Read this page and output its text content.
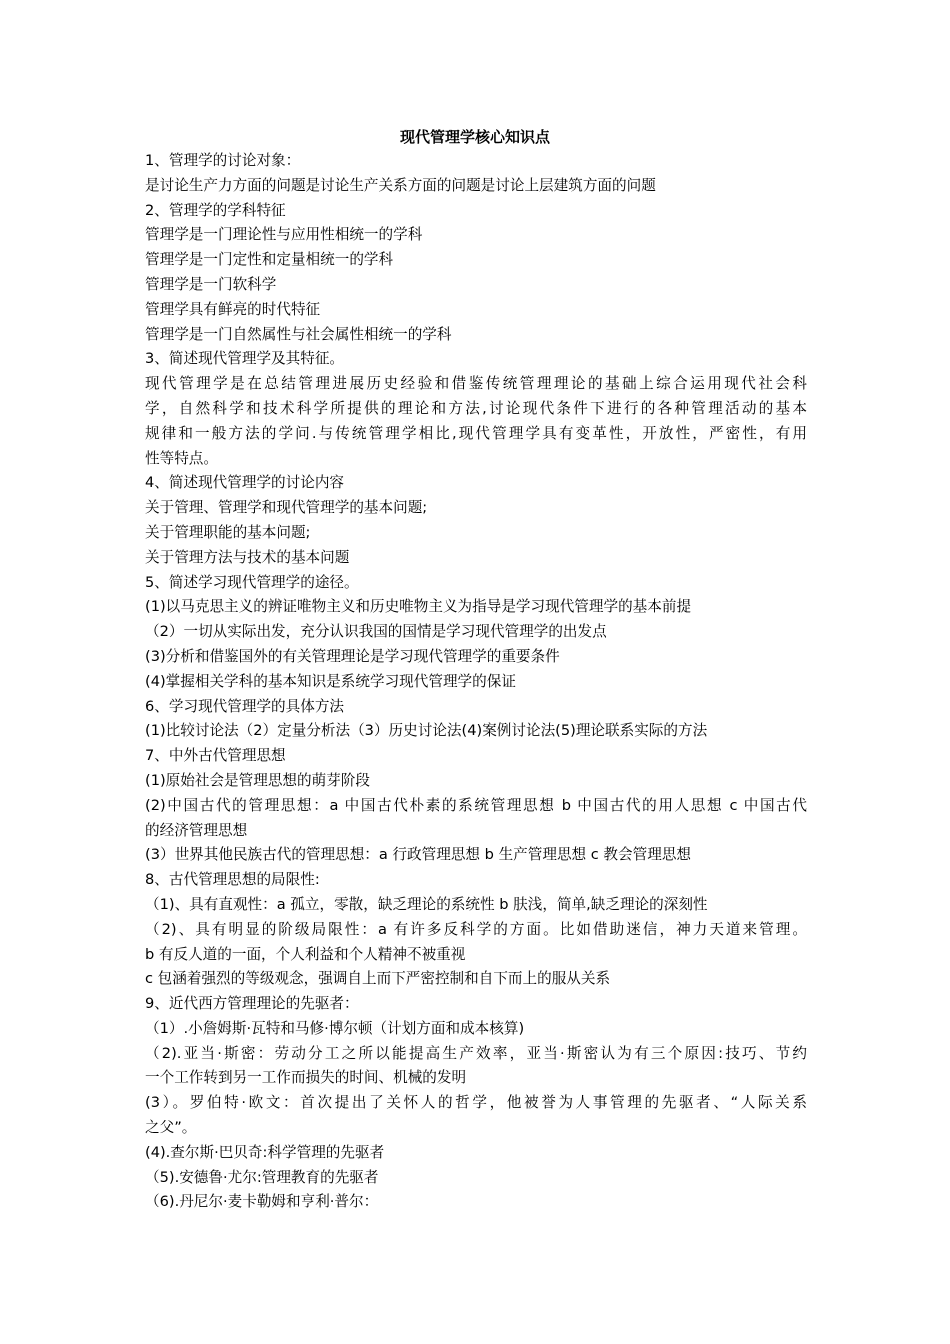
现代管理学核心知识点

1、管理学的讨论对象：

是讨论生产力方面的问题是讨论生产关系方面的问题是讨论上层建筑方面的问题

2、管理学的学科特征

管理学是一门理论性与应用性相统一的学科

管理学是一门定性和定量相统一的学科

管理学是一门软科学

管理学具有鲜亮的时代特征

管理学是一门自然属性与社会属性相统一的学科

3、简述现代管理学及其特征。

现代管理学是在总结管理进展历史经验和借鉴传统管理理论的基础上综合运用现代社会科

学，自然科学和技术科学所提供的理论和方法,讨论现代条件下进行的各种管理活动的基本

规律和一般方法的学问.与传统管理学相比,现代管理学具有变革性，开放性，严密性，有用

性等特点。

4、简述现代管理学的讨论内容

关于管理、管理学和现代管理学的基本问题;

关于管理职能的基本问题;

关于管理方法与技术的基本问题

5、简述学习现代管理学的途径。

(1)以马克思主义的辨证唯物主义和历史唯物主义为指导是学习现代管理学的基本前提

（2）一切从实际出发，充分认识我国的国情是学习现代管理学的出发点

(3)分析和借鉴国外的有关管理理论是学习现代管理学的重要条件

(4)掌握相关学科的基本知识是系统学习现代管理学的保证

6、学习现代管理学的具体方法

(1)比较讨论法（2）定量分析法（3）历史讨论法(4)案例讨论法(5)理论联系实际的方法

7、中外古代管理思想

(1)原始社会是管理思想的萌芽阶段

(2)中国古代的管理思想：a 中国古代朴素的系统管理思想 b 中国古代的用人思想 c 中国古代

的经济管理思想

(3）世界其他民族古代的管理思想：a 行政管理思想 b 生产管理思想 c 教会管理思想

8、古代管理思想的局限性:

（1)、具有直观性：a 孤立，零散，缺乏理论的系统性 b 肤浅，简单,缺乏理论的深刻性

（2)、具有明显的阶级局限性：a 有许多反科学的方面。比如借助迷信，神力天道来管理。

b 有反人道的一面，个人利益和个人精神不被重视

c 包涵着强烈的等级观念，强调自上而下严密控制和自下而上的服从关系

9、近代西方管理理论的先驱者：

（1）.小詹姆斯·瓦特和马修·博尔顿（计划方面和成本核算)

（2).亚当·斯密：劳动分工之所以能提高生产效率，亚当·斯密认为有三个原因:技巧、节约

一个工作转到另一工作而损失的时间、机械的发明

(3）。罗伯特·欧文：首次提出了关怀人的哲学，他被誉为人事管理的先驱者、“人际关系

之父”。

(4).查尔斯·巴贝奇:科学管理的先驱者

（5).安德鲁·尤尔:管理教育的先驱者

（6).丹尼尔·麦卡勒姆和亨利·普尔：
